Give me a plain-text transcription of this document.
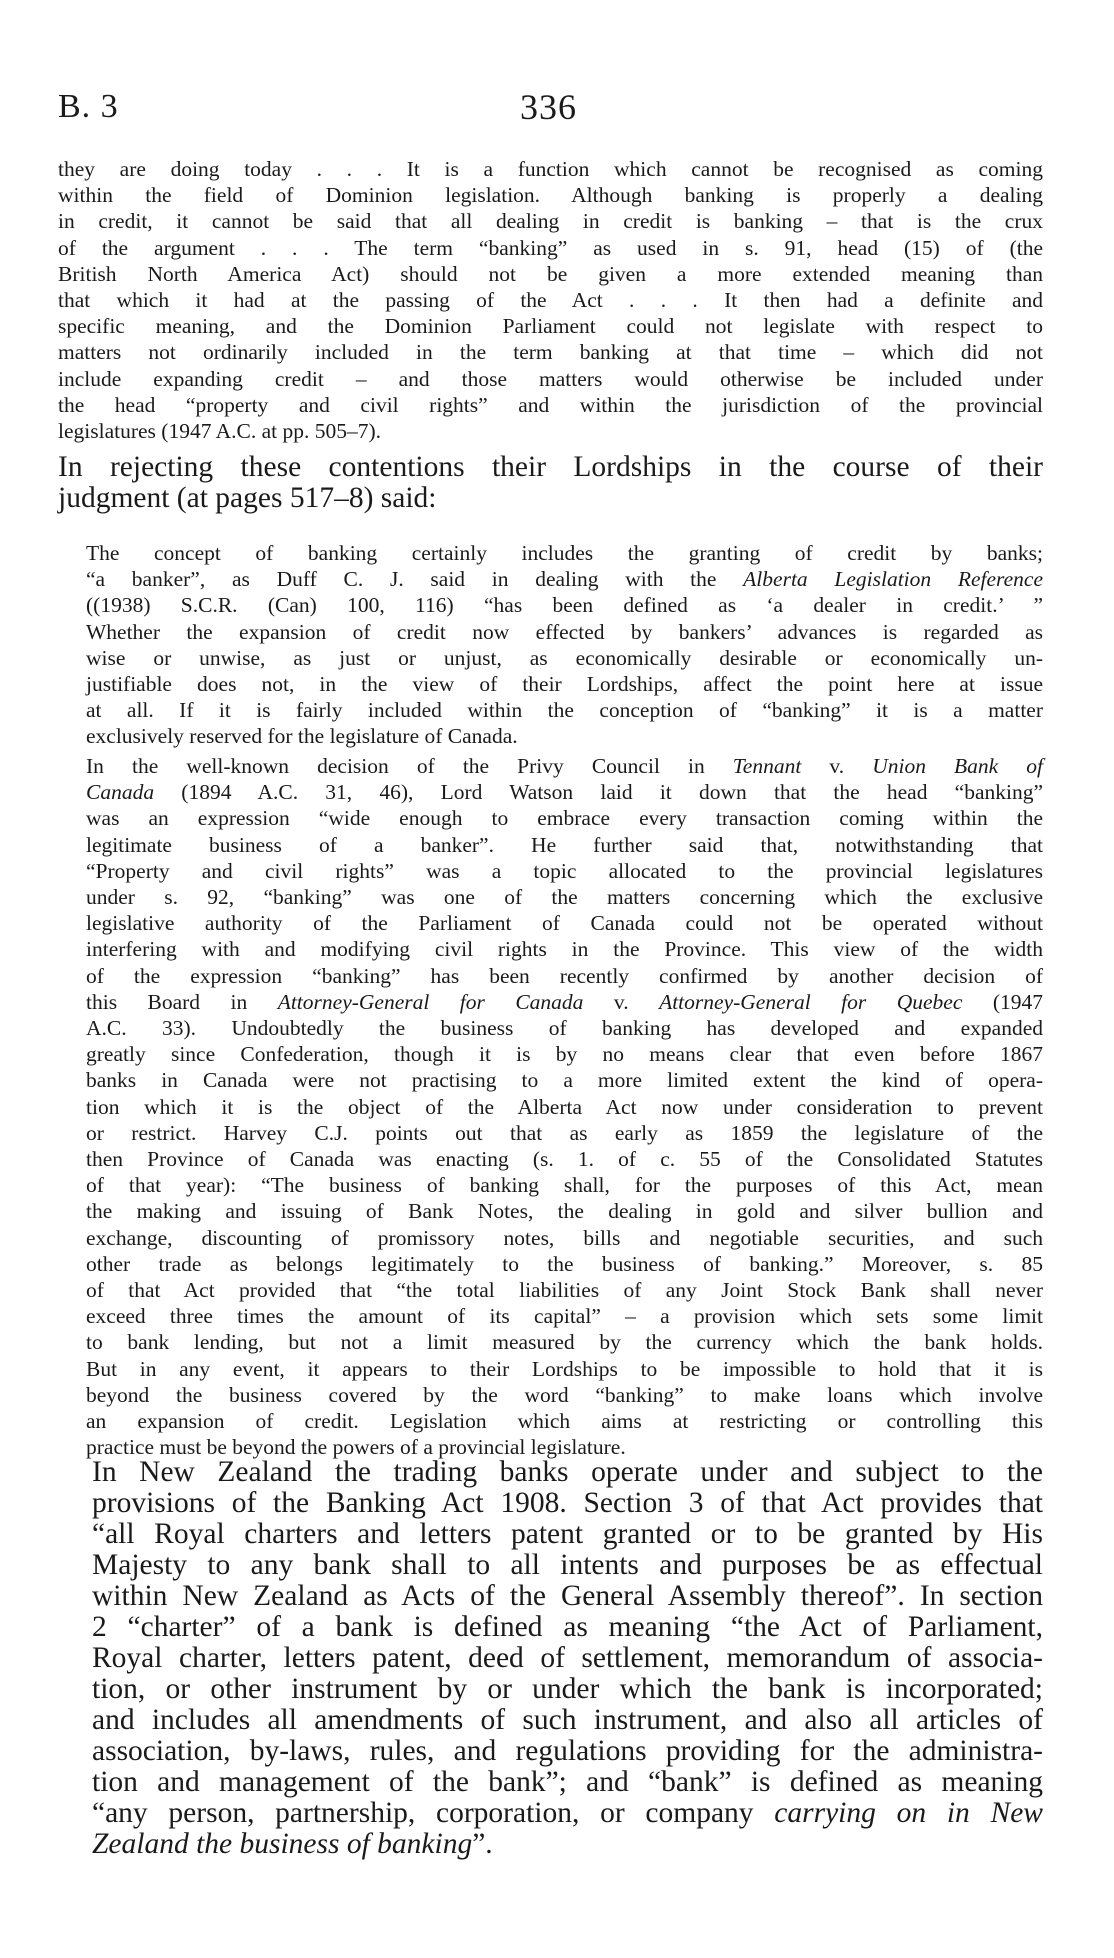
B. 3	336

they are doing today . . . It is a function which cannot be recognised as coming
within the field of Dominion legislation. Although banking is properly a dealing
in credit, it cannot be said that all dealing in credit is banking – that is the crux
of the argument . . . The term “banking” as used in s. 91, head (15) of (the
British North America Act) should not be given a more extended meaning than
that which it had at the passing of the Act . . . It then had a definite and
specific meaning, and the Dominion Parliament could not legislate with respect to
matters not ordinarily included in the term banking at that time – which did not
include expanding credit – and those matters would otherwise be included under
the head “property and civil rights” and within the jurisdiction of the provincial
legislatures (1947 A.C. at pp. 505–7).

In rejecting these contentions their Lordships in the course of their
judgment (at pages 517–8) said:

The concept of banking certainly includes the granting of credit by banks;
“a banker”, as Duff C. J. said in dealing with the Alberta Legislation Reference
((1938) S.C.R. (Can) 100, 116) “has been defined as ‘a dealer in credit.’ ”
Whether the expansion of credit now effected by bankers’ advances is regarded as
wise or unwise, as just or unjust, as economically desirable or economically un-
justifiable does not, in the view of their Lordships, affect the point here at issue
at all. If it is fairly included within the conception of “banking” it is a matter
exclusively reserved for the legislature of Canada.

In the well-known decision of the Privy Council in Tennant v. Union Bank of
Canada (1894 A.C. 31, 46), Lord Watson laid it down that the head “banking”
was an expression “wide enough to embrace every transaction coming within the
legitimate business of a banker”. He further said that, notwithstanding that
“Property and civil rights” was a topic allocated to the provincial legislatures
under s. 92, “banking” was one of the matters concerning which the exclusive
legislative authority of the Parliament of Canada could not be operated without
interfering with and modifying civil rights in the Province. This view of the width
of the expression “banking” has been recently confirmed by another decision of
this Board in Attorney-General for Canada v. Attorney-General for Quebec (1947
A.C. 33). Undoubtedly the business of banking has developed and expanded
greatly since Confederation, though it is by no means clear that even before 1867
banks in Canada were not practising to a more limited extent the kind of opera-
tion which it is the object of the Alberta Act now under consideration to prevent
or restrict. Harvey C.J. points out that as early as 1859 the legislature of the
then Province of Canada was enacting (s. 1. of c. 55 of the Consolidated Statutes
of that year): “The business of banking shall, for the purposes of this Act, mean
the making and issuing of Bank Notes, the dealing in gold and silver bullion and
exchange, discounting of promissory notes, bills and negotiable securities, and such
other trade as belongs legitimately to the business of banking.” Moreover, s. 85
of that Act provided that “the total liabilities of any Joint Stock Bank shall never
exceed three times the amount of its capital” – a provision which sets some limit
to bank lending, but not a limit measured by the currency which the bank holds.
But in any event, it appears to their Lordships to be impossible to hold that it is
beyond the business covered by the word “banking” to make loans which involve
an expansion of credit. Legislation which aims at restricting or controlling this
practice must be beyond the powers of a provincial legislature.

In New Zealand the trading banks operate under and subject to the
provisions of the Banking Act 1908. Section 3 of that Act provides that
“all Royal charters and letters patent granted or to be granted by His
Majesty to any bank shall to all intents and purposes be as effectual
within New Zealand as Acts of the General Assembly thereof”. In section
2 “charter” of a bank is defined as meaning “the Act of Parliament,
Royal charter, letters patent, deed of settlement, memorandum of associa-
tion, or other instrument by or under which the bank is incorporated;
and includes all amendments of such instrument, and also all articles of
association, by-laws, rules, and regulations providing for the administra-
tion and management of the bank”; and “bank” is defined as meaning
“any person, partnership, corporation, or company carrying on in New
Zealand the business of banking”.
